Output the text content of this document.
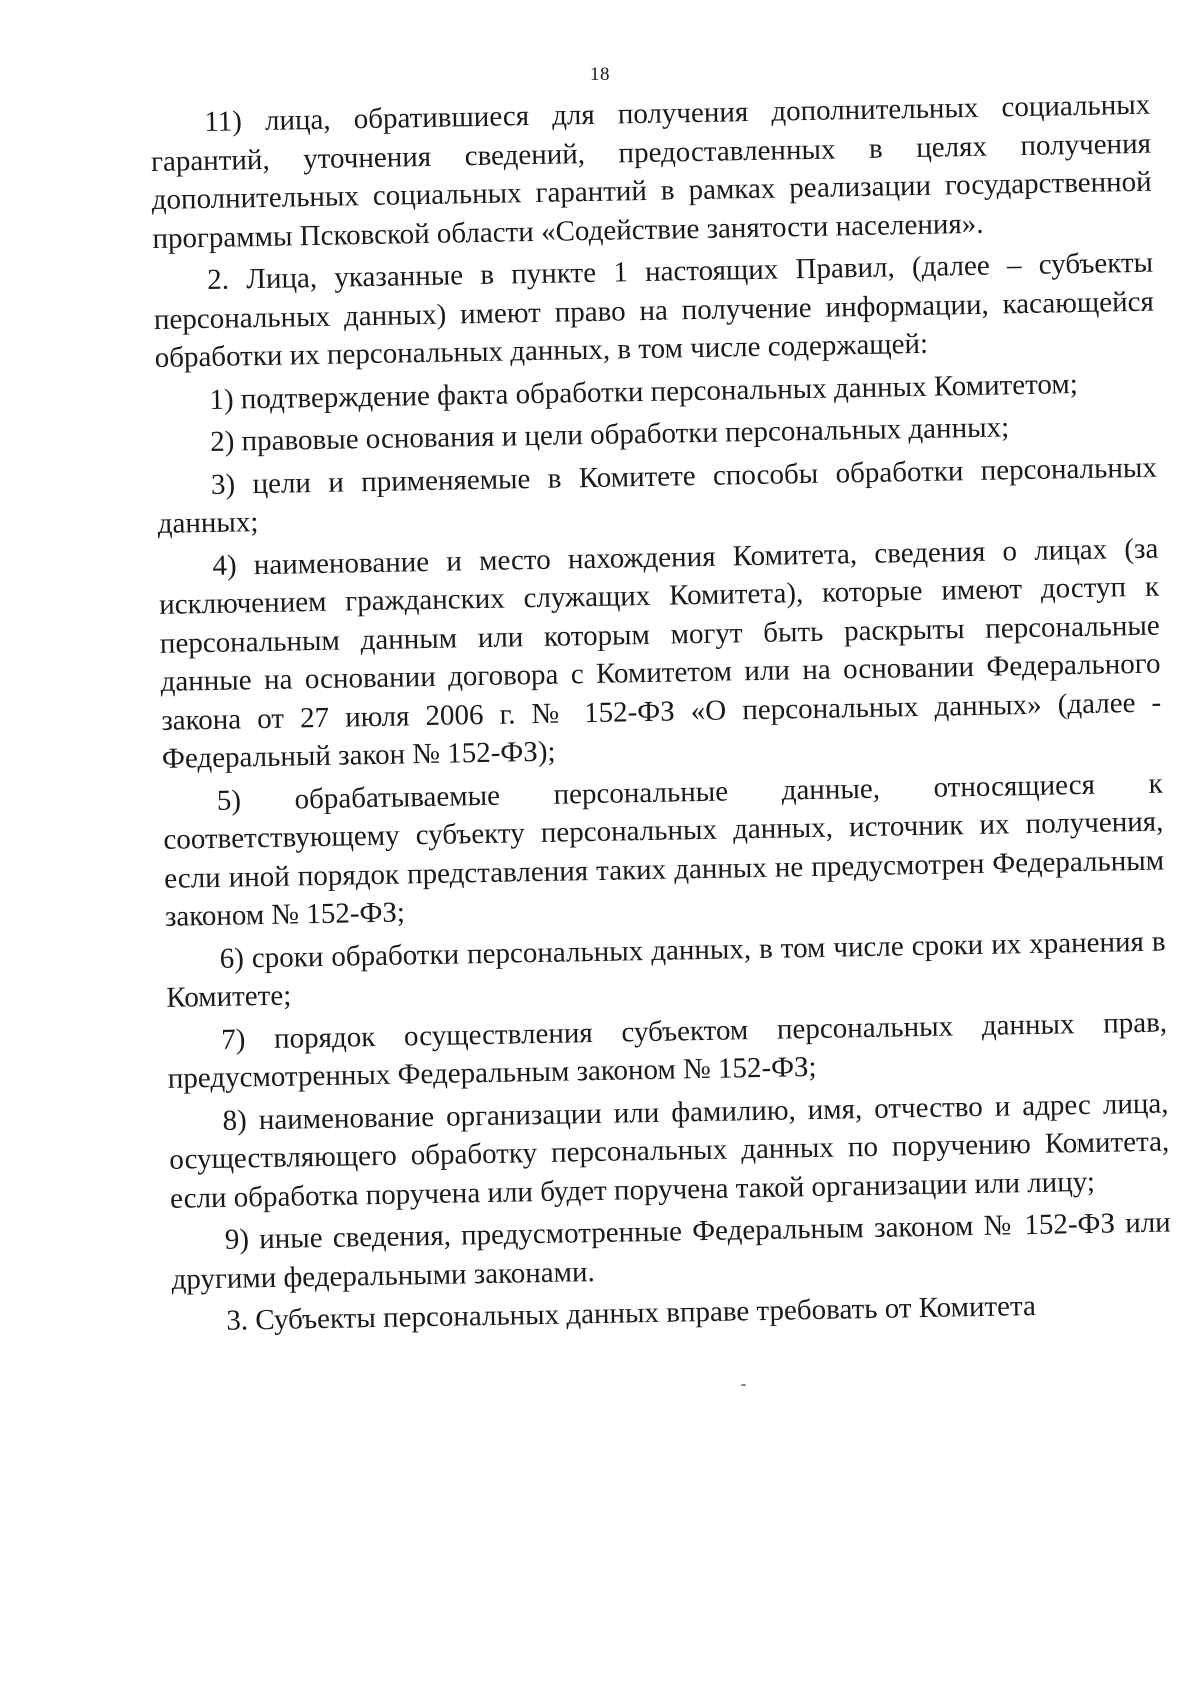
18

11) лица, обратившиеся для получения дополнительных социальных гарантий, уточнения сведений, предоставленных в целях получения дополнительных социальных гарантий в рамках реализации государственной программы Псковской области «Содействие занятости населения».

2. Лица, указанные в пункте 1 настоящих Правил, (далее – субъекты персональных данных) имеют право на получение информации, касающейся обработки их персональных данных, в том числе содержащей:

1) подтверждение факта обработки персональных данных Комитетом;

2) правовые основания и цели обработки персональных данных;

3) цели и применяемые в Комитете способы обработки персональных данных;

4) наименование и место нахождения Комитета, сведения о лицах (за исключением гражданских служащих Комитета), которые имеют доступ к персональным данным или которым могут быть раскрыты персональные данные на основании договора с Комитетом или на основании Федерального закона от 27 июля 2006 г. № 152-ФЗ «О персональных данных» (далее - Федеральный закон № 152-ФЗ);

5) обрабатываемые персональные данные, относящиеся к соответствующему субъекту персональных данных, источник их получения, если иной порядок представления таких данных не предусмотрен Федеральным законом № 152-ФЗ;

6) сроки обработки персональных данных, в том числе сроки их хранения в Комитете;

7) порядок осуществления субъектом персональных данных прав, предусмотренных Федеральным законом № 152-ФЗ;

8) наименование организации или фамилию, имя, отчество и адрес лица, осуществляющего обработку персональных данных по поручению Комитета, если обработка поручена или будет поручена такой организации или лицу;

9) иные сведения, предусмотренные Федеральным законом № 152-ФЗ или другими федеральными законами.

3. Субъекты персональных данных вправе требовать от Комитета
